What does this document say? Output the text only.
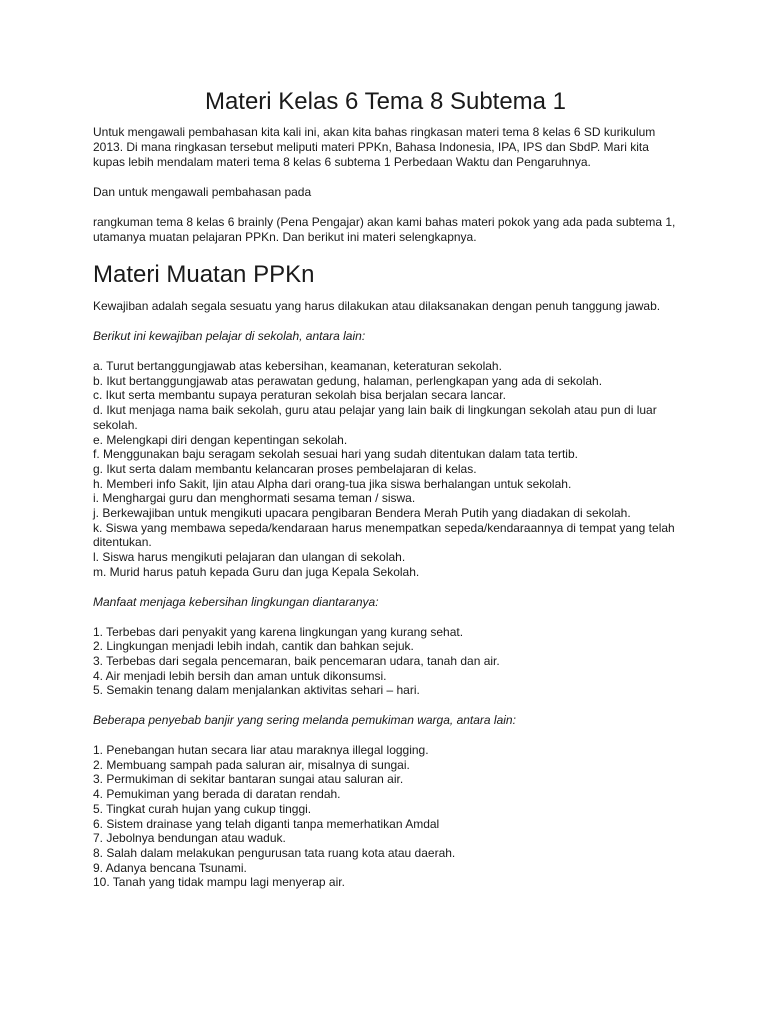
Materi Kelas 6 Tema 8 Subtema 1

Untuk mengawali pembahasan kita kali ini, akan kita bahas ringkasan materi tema 8 kelas 6 SD kurikulum 2013. Di mana ringkasan tersebut meliputi materi PPKn, Bahasa Indonesia, IPA, IPS dan SbdP. Mari kita kupas lebih mendalam materi tema 8 kelas 6 subtema 1 Perbedaan Waktu dan Pengaruhnya.

Dan untuk mengawali pembahasan pada

rangkuman tema 8 kelas 6 brainly (Pena Pengajar) akan kami bahas materi pokok yang ada pada subtema 1, utamanya muatan pelajaran PPKn. Dan berikut ini materi selengkapnya.

Materi Muatan PPKn

Kewajiban adalah segala sesuatu yang harus dilakukan atau dilaksanakan dengan penuh tanggung jawab.

Berikut ini kewajiban pelajar di sekolah, antara lain:

a. Turut bertanggungjawab atas kebersihan, keamanan, keteraturan sekolah.
b. Ikut bertanggungjawab atas perawatan gedung, halaman, perlengkapan yang ada di sekolah.
c. Ikut serta membantu supaya peraturan sekolah bisa berjalan secara lancar.
d. Ikut menjaga nama baik sekolah, guru atau pelajar yang lain baik di lingkungan sekolah atau pun di luar sekolah.
e. Melengkapi diri dengan kepentingan sekolah.
f. Menggunakan baju seragam sekolah sesuai hari yang sudah ditentukan dalam tata tertib.
g. Ikut serta dalam membantu kelancaran proses pembelajaran di kelas.
h. Memberi info Sakit, Ijin atau Alpha dari orang-tua jika siswa berhalangan untuk sekolah.
i. Menghargai guru dan menghormati sesama teman / siswa.
j. Berkewajiban untuk mengikuti upacara pengibaran Bendera Merah Putih yang diadakan di sekolah.
k. Siswa yang membawa sepeda/kendaraan harus menempatkan sepeda/kendaraannya di tempat yang telah ditentukan.
l. Siswa harus mengikuti pelajaran dan ulangan di sekolah.
m. Murid harus patuh kepada Guru dan juga Kepala Sekolah.

Manfaat menjaga kebersihan lingkungan diantaranya:

1. Terbebas dari penyakit yang karena lingkungan yang kurang sehat.
2. Lingkungan menjadi lebih indah, cantik dan bahkan sejuk.
3. Terbebas dari segala pencemaran, baik pencemaran udara, tanah dan air.
4. Air menjadi lebih bersih dan aman untuk dikonsumsi.
5. Semakin tenang dalam menjalankan aktivitas sehari – hari.

Beberapa penyebab banjir yang sering melanda pemukiman warga, antara lain:

1. Penebangan hutan secara liar atau maraknya illegal logging.
2. Membuang sampah pada saluran air, misalnya di sungai.
3. Permukiman di sekitar bantaran sungai atau saluran air.
4. Pemukiman yang berada di daratan rendah.
5. Tingkat curah hujan yang cukup tinggi.
6. Sistem drainase yang telah diganti tanpa memerhatikan Amdal
7. Jebolnya bendungan atau waduk.
8. Salah dalam melakukan pengurusan tata ruang kota atau daerah.
9. Adanya bencana Tsunami.
10. Tanah yang tidak mampu lagi menyerap air.
